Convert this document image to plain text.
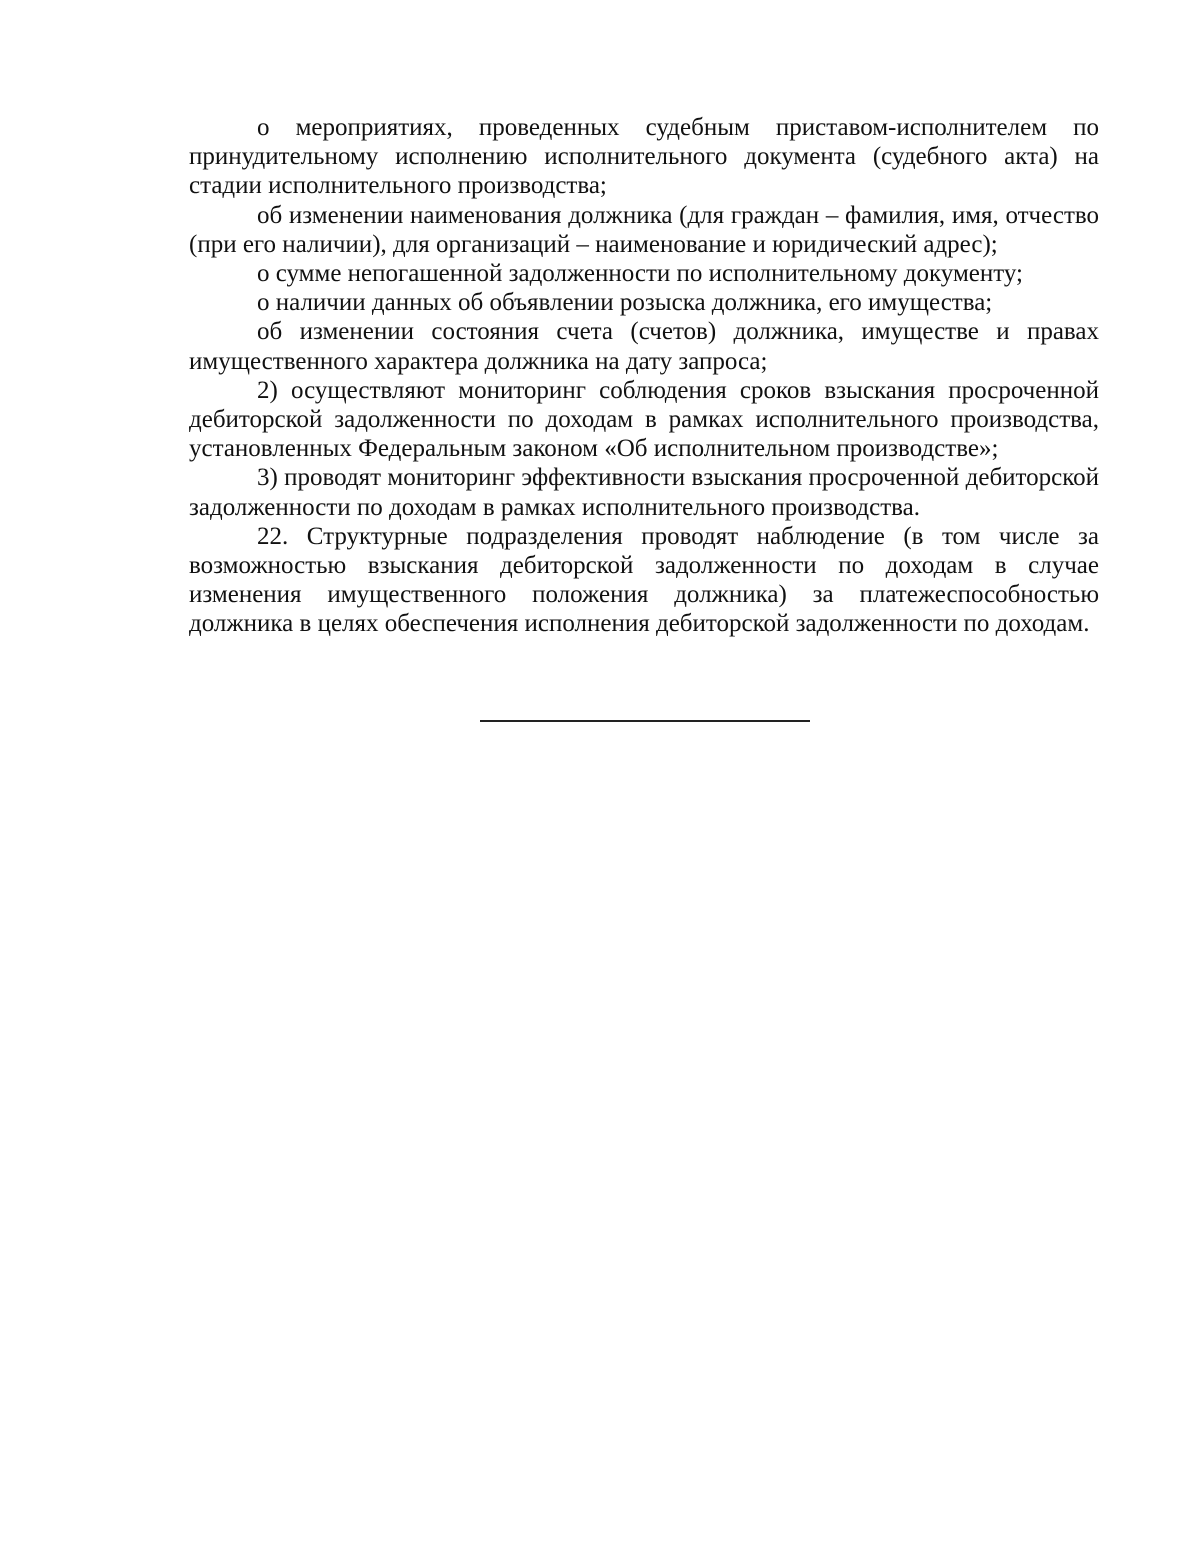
о мероприятиях, проведенных судебным приставом-исполнителем по принудительному исполнению исполнительного документа (судебного акта) на стадии исполнительного производства;

об изменении наименования должника (для граждан – фамилия, имя, отчество (при его наличии), для организаций – наименование и юридический адрес);

о сумме непогашенной задолженности по исполнительному документу;

о наличии данных об объявлении розыска должника, его имущества;

об изменении состояния счета (счетов) должника, имуществе и правах имущественного характера должника на дату запроса;

2) осуществляют мониторинг соблюдения сроков взыскания просроченной дебиторской задолженности по доходам в рамках исполнительного производства, установленных Федеральным законом «Об исполнительном производстве»;

3) проводят мониторинг эффективности взыскания просроченной дебиторской задолженности по доходам в рамках исполнительного производства.

22. Структурные подразделения проводят наблюдение (в том числе за возможностью взыскания дебиторской задолженности по доходам в случае изменения имущественного положения должника) за платежеспособностью должника в целях обеспечения исполнения дебиторской задолженности по доходам.
